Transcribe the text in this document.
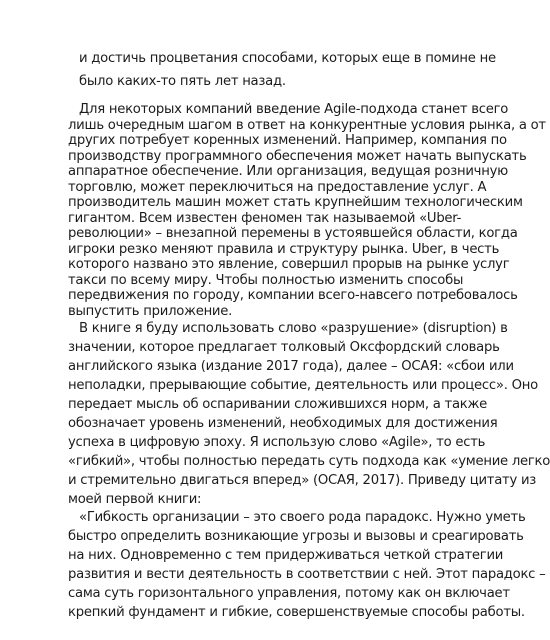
и достичь процветания способами, которых еще в помине не
было каких-то пять лет назад.
Для некоторых компаний введение Agile-подхода станет всего
лишь очередным шагом в ответ на конкурентные условия рынка, а от
других потребует коренных изменений. Например, компания по
производству программного обеспечения может начать выпускать
аппаратное обеспечение. Или организация, ведущая розничную
торговлю, может переключиться на предоставление услуг. А
производитель машин может стать крупнейшим технологическим
гигантом. Всем известен феномен так называемой «Uber-
революции» – внезапной перемены в устоявшейся области, когда
игроки резко меняют правила и структуру рынка. Uber, в честь
которого названо это явление, совершил прорыв на рынке услуг
такси по всему миру. Чтобы полностью изменить способы
передвижения по городу, компании всего-навсего потребовалось
выпустить приложение.
В книге я буду использовать слово «разрушение» (disruption) в
значении, которое предлагает толковый Оксфордский словарь
английского языка (издание 2017 года), далее – ОСАЯ: «сбои или
неполадки, прерывающие событие, деятельность или процесс». Оно
передает мысль об оспаривании сложившихся норм, а также
обозначает уровень изменений, необходимых для достижения
успеха в цифровую эпоху. Я использую слово «Agile», то есть
«гибкий», чтобы полностью передать суть подхода как «умение легко
и стремительно двигаться вперед» (ОСАЯ, 2017). Приведу цитату из
моей первой книги:
«Гибкость организации – это своего рода парадокс. Нужно уметь
быстро определить возникающие угрозы и вызовы и среагировать
на них. Одновременно с тем придерживаться четкой стратегии
развития и вести деятельность в соответствии с ней. Этот парадокс –
сама суть горизонтального управления, потому как он включает
крепкий фундамент и гибкие, совершенствуемые способы работы.
